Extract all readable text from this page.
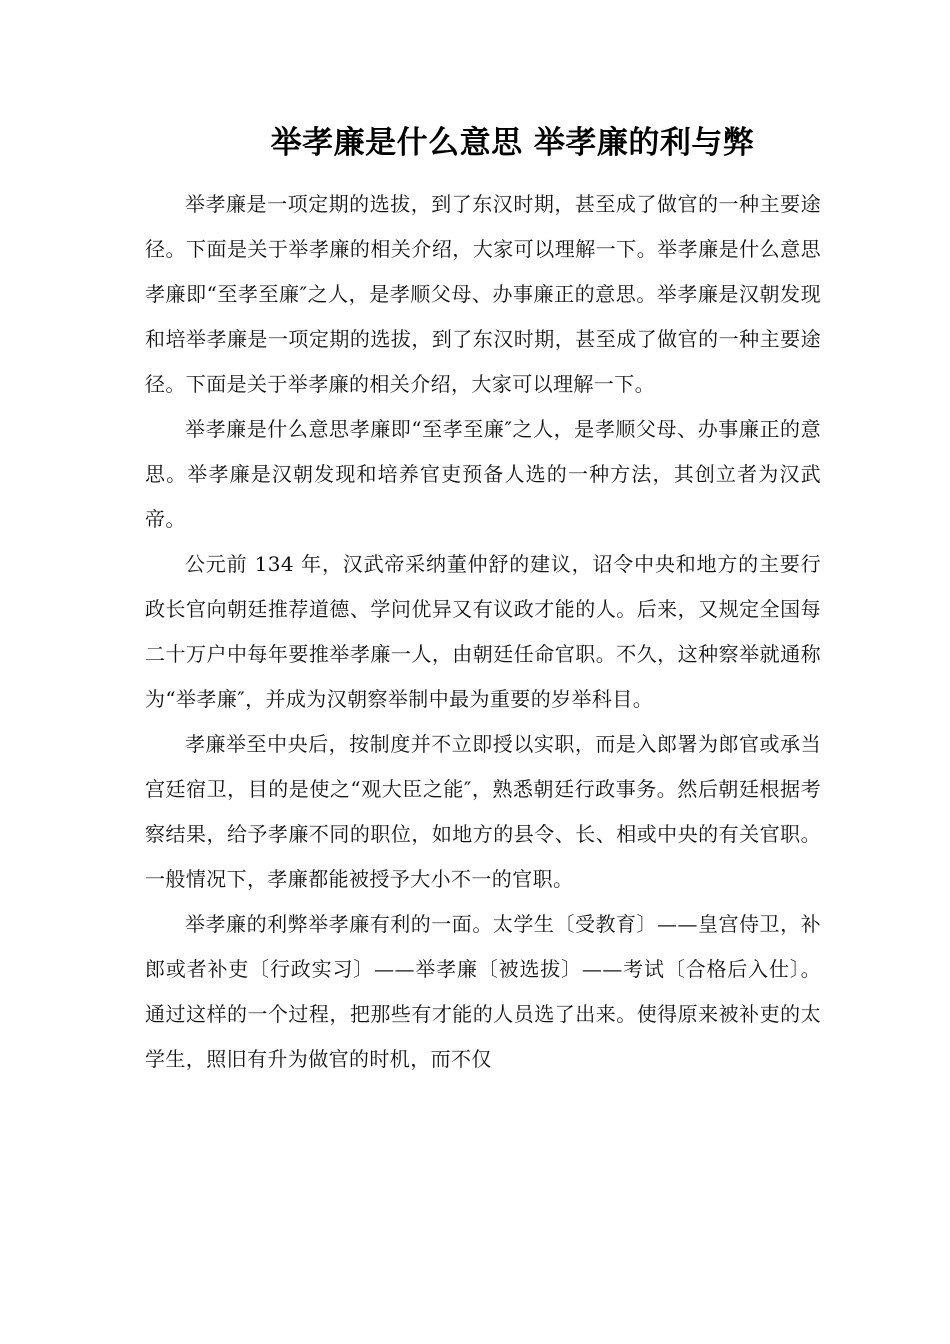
举孝廉是什么意思 举孝廉的利与弊

举孝廉是一项定期的选拔，到了东汉时期，甚至成了做官的一种主要途径。下面是关于举孝廉的相关介绍，大家可以理解一下。举孝廉是什么意思孝廉即“至孝至廉″之人，是孝顺父母、办事廉正的意思。举孝廉是汉朝发现和培举孝廉是一项定期的选拔，到了东汉时期，甚至成了做官的一种主要途径。下面是关于举孝廉的相关介绍，大家可以理解一下。

举孝廉是什么意思孝廉即“至孝至廉″之人，是孝顺父母、办事廉正的意思。举孝廉是汉朝发现和培养官吏预备人选的一种方法，其创立者为汉武帝。

公元前 134 年，汉武帝采纳董仲舒的建议，诏令中央和地方的主要行政长官向朝廷推荐道德、学问优异又有议政才能的人。后来，又规定全国每二十万户中每年要推举孝廉一人，由朝廷任命官职。不久，这种察举就通称为“举孝廉″，并成为汉朝察举制中最为重要的岁举科目。

孝廉举至中央后，按制度并不立即授以实职，而是入郎署为郎官或承当宫廷宿卫，目的是使之“观大臣之能″，熟悉朝廷行政事务。然后朝廷根据考察结果，给予孝廉不同的职位，如地方的县令、长、相或中央的有关官职。一般情况下，孝廉都能被授予大小不一的官职。

举孝廉的利弊举孝廉有利的一面。太学生〔受教育〕——皇宫侍卫，补郎或者补吏〔行政实习〕——举孝廉〔被选拔〕——考试〔合格后入仕〕。通过这样的一个过程，把那些有才能的人员选了出来。使得原来被补吏的太学生，照旧有升为做官的时机，而不仅
